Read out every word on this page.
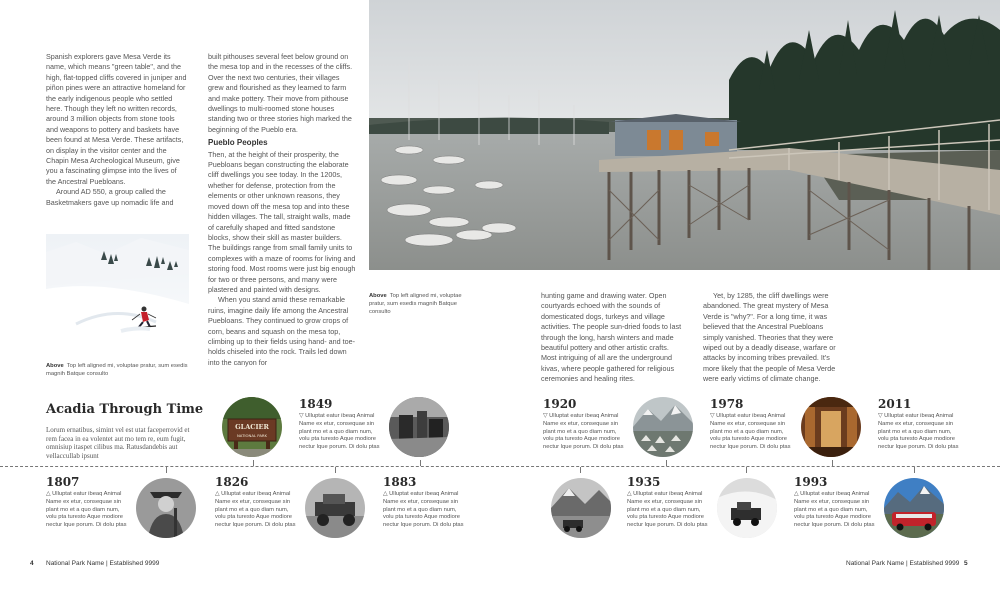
Spanish explorers gave Mesa Verde its name, which means "green table", and the high, flat-topped cliffs covered in juniper and piñon pines were an attractive homeland for the early indigenous people who settled here. Though they left no written records, around 3 million objects from stone tools and weapons to pottery and baskets have been found at Mesa Verde. These artifacts, on display in the visitor center and the Chapin Mesa Archeological Museum, give you a fascinating glimpse into the lives of the Ancestral Puebloans.

Around AD 550, a group called the Basketmakers gave up nomadic life and

built pithouses several feet below ground on the mesa top and in the recesses of the cliffs. Over the next two centuries, their villages grew and flourished as they learned to farm and make pottery. Their move from pithouse dwellings to multi-roomed stone houses standing two or three stories high marked the beginning of the Pueblo era.

Pueblo Peoples

Then, at the height of their prosperity, the Puebloans began constructing the elaborate cliff dwellings you see today. In the 1200s, whether for defense, protection from the elements or other unknown reasons, they moved down off the mesa top and into these hidden villages. The tall, straight walls, made of carefully shaped and fitted sandstone blocks, show their skill as master builders. The buildings range from small family units to complexes with a maze of rooms for living and storing food. Most rooms were just big enough for two or three persons, and many were plastered and painted with designs.

When you stand amid these remarkable ruins, imagine daily life among the Ancestral Puebloans. They continued to grow crops of corn, beans and squash on the mesa top, climbing up to their fields using hand- and toe-holds chiseled into the rock. Trails led down into the canyon for

Above Top left aligned mi, voluptae pratur, sum esedis magnih Batque consulto
4 National Park Name | Established 9999
Above Top left aligned mi, voluptae pratur, sum esedis magnih Batque consulto

hunting game and drawing water. Open courtyards echoed with the sounds of domesticated dogs, turkeys and village activities. The people sun-dried foods to last through the long, harsh winters and made beautiful pottery and other artistic crafts. Most intriguing of all are the underground kivas, where people gathered for religious ceremonies and healing rites.

Yet, by 1285, the cliff dwellings were abandoned. The great mystery of Mesa Verde is "why?". For a long time, it was believed that the Ancestral Puebloans simply vanished. Theories that they were wiped out by a deadly disease, warfare or attacks by incoming tribes prevailed. It's more likely that the people of Mesa Verde were early victims of climate change.

Acadia Through Time
Lorum ernatibus, simint vel est utat faceperrovid et rem facea in ea volentet aut mo tem re, eum fugit, omnisiup itaspet cilibus ma. Ratusdandebis aut vellaccullab ipsunt
GLACIER
NATIONAL PARK
1849
▽ Ulluptat eatur ibeaq Animal Name ex etur, consequae sin plant mo et a quo diam num, volu pta turesto Aque modiore nectur lque porum. Di dolu ptas
1920
▽ Ulluptat eatur ibeaq Animal Name ex etur, consequae sin plant mo et a quo diam num, volu pta turesto Aque modiore nectur lque porum. Di dolu ptas
1978
▽ Ulluptat eatur ibeaq Animal Name ex etur, consequae sin plant mo et a quo diam num, volu pta turesto Aque modiore nectur lque porum. Di dolu ptas
2011
▽ Ulluptat eatur ibeaq Animal Name ex etur, consequae sin plant mo et a quo diam num, volu pta turesto Aque modiore nectur lque porum. Di dolu ptas
1807
△ Ulluptat eatur ibeaq Animal Name ex etur, consequae sin plant mo et a quo diam num, volu pta turesto Aque modiore nectur lque porum. Di dolu ptas
1826
△ Ulluptat eatur ibeaq Animal Name ex etur, consequae sin plant mo et a quo diam num, volu pta turesto Aque modiore nectur lque porum. Di dolu ptas
1883
△ Ulluptat eatur ibeaq Animal Name ex etur, consequae sin plant mo et a quo diam num, volu pta turesto Aque modiore nectur lque porum. Di dolu ptas
1935
△ Ulluptat eatur ibeaq Animal Name ex etur, consequae sin plant mo et a quo diam num, volu pta turesto Aque modiore nectur lque porum. Di dolu ptas
1993
△ Ulluptat eatur ibeaq Animal Name ex etur, consequae sin plant mo et a quo diam num, volu pta turesto Aque modiore nectur lque porum. Di dolu ptas
National Park Name | Established 9999 5
